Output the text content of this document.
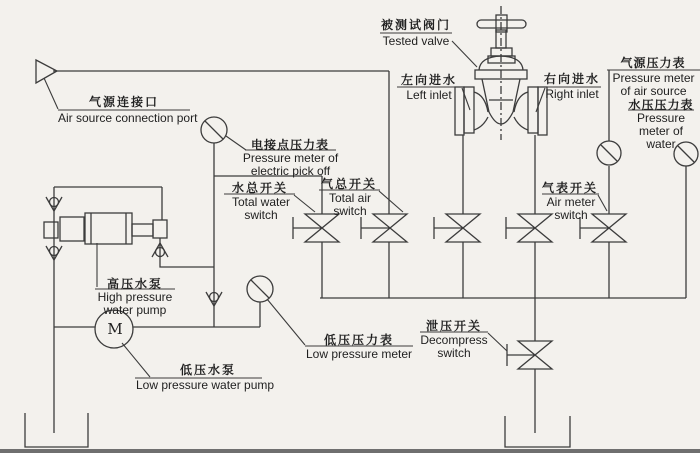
气源连接口
Air source connection port
被测试阀门
Tested valve
左向进水
Left inlet
右向进水
Right inlet
气源压力表
Pressure meter of air source
水压压力表
Pressure meter of water
电接点压力表
Pressure meter of electric pick off
水总开关
Total water switch
气总开关
Total air switch
气表开关
Air meter switch
高压水泵
High pressure water pump
低压水泵
Low pressure water pump
低压压力表
Low pressure meter
泄压开关
Decompress switch
M
